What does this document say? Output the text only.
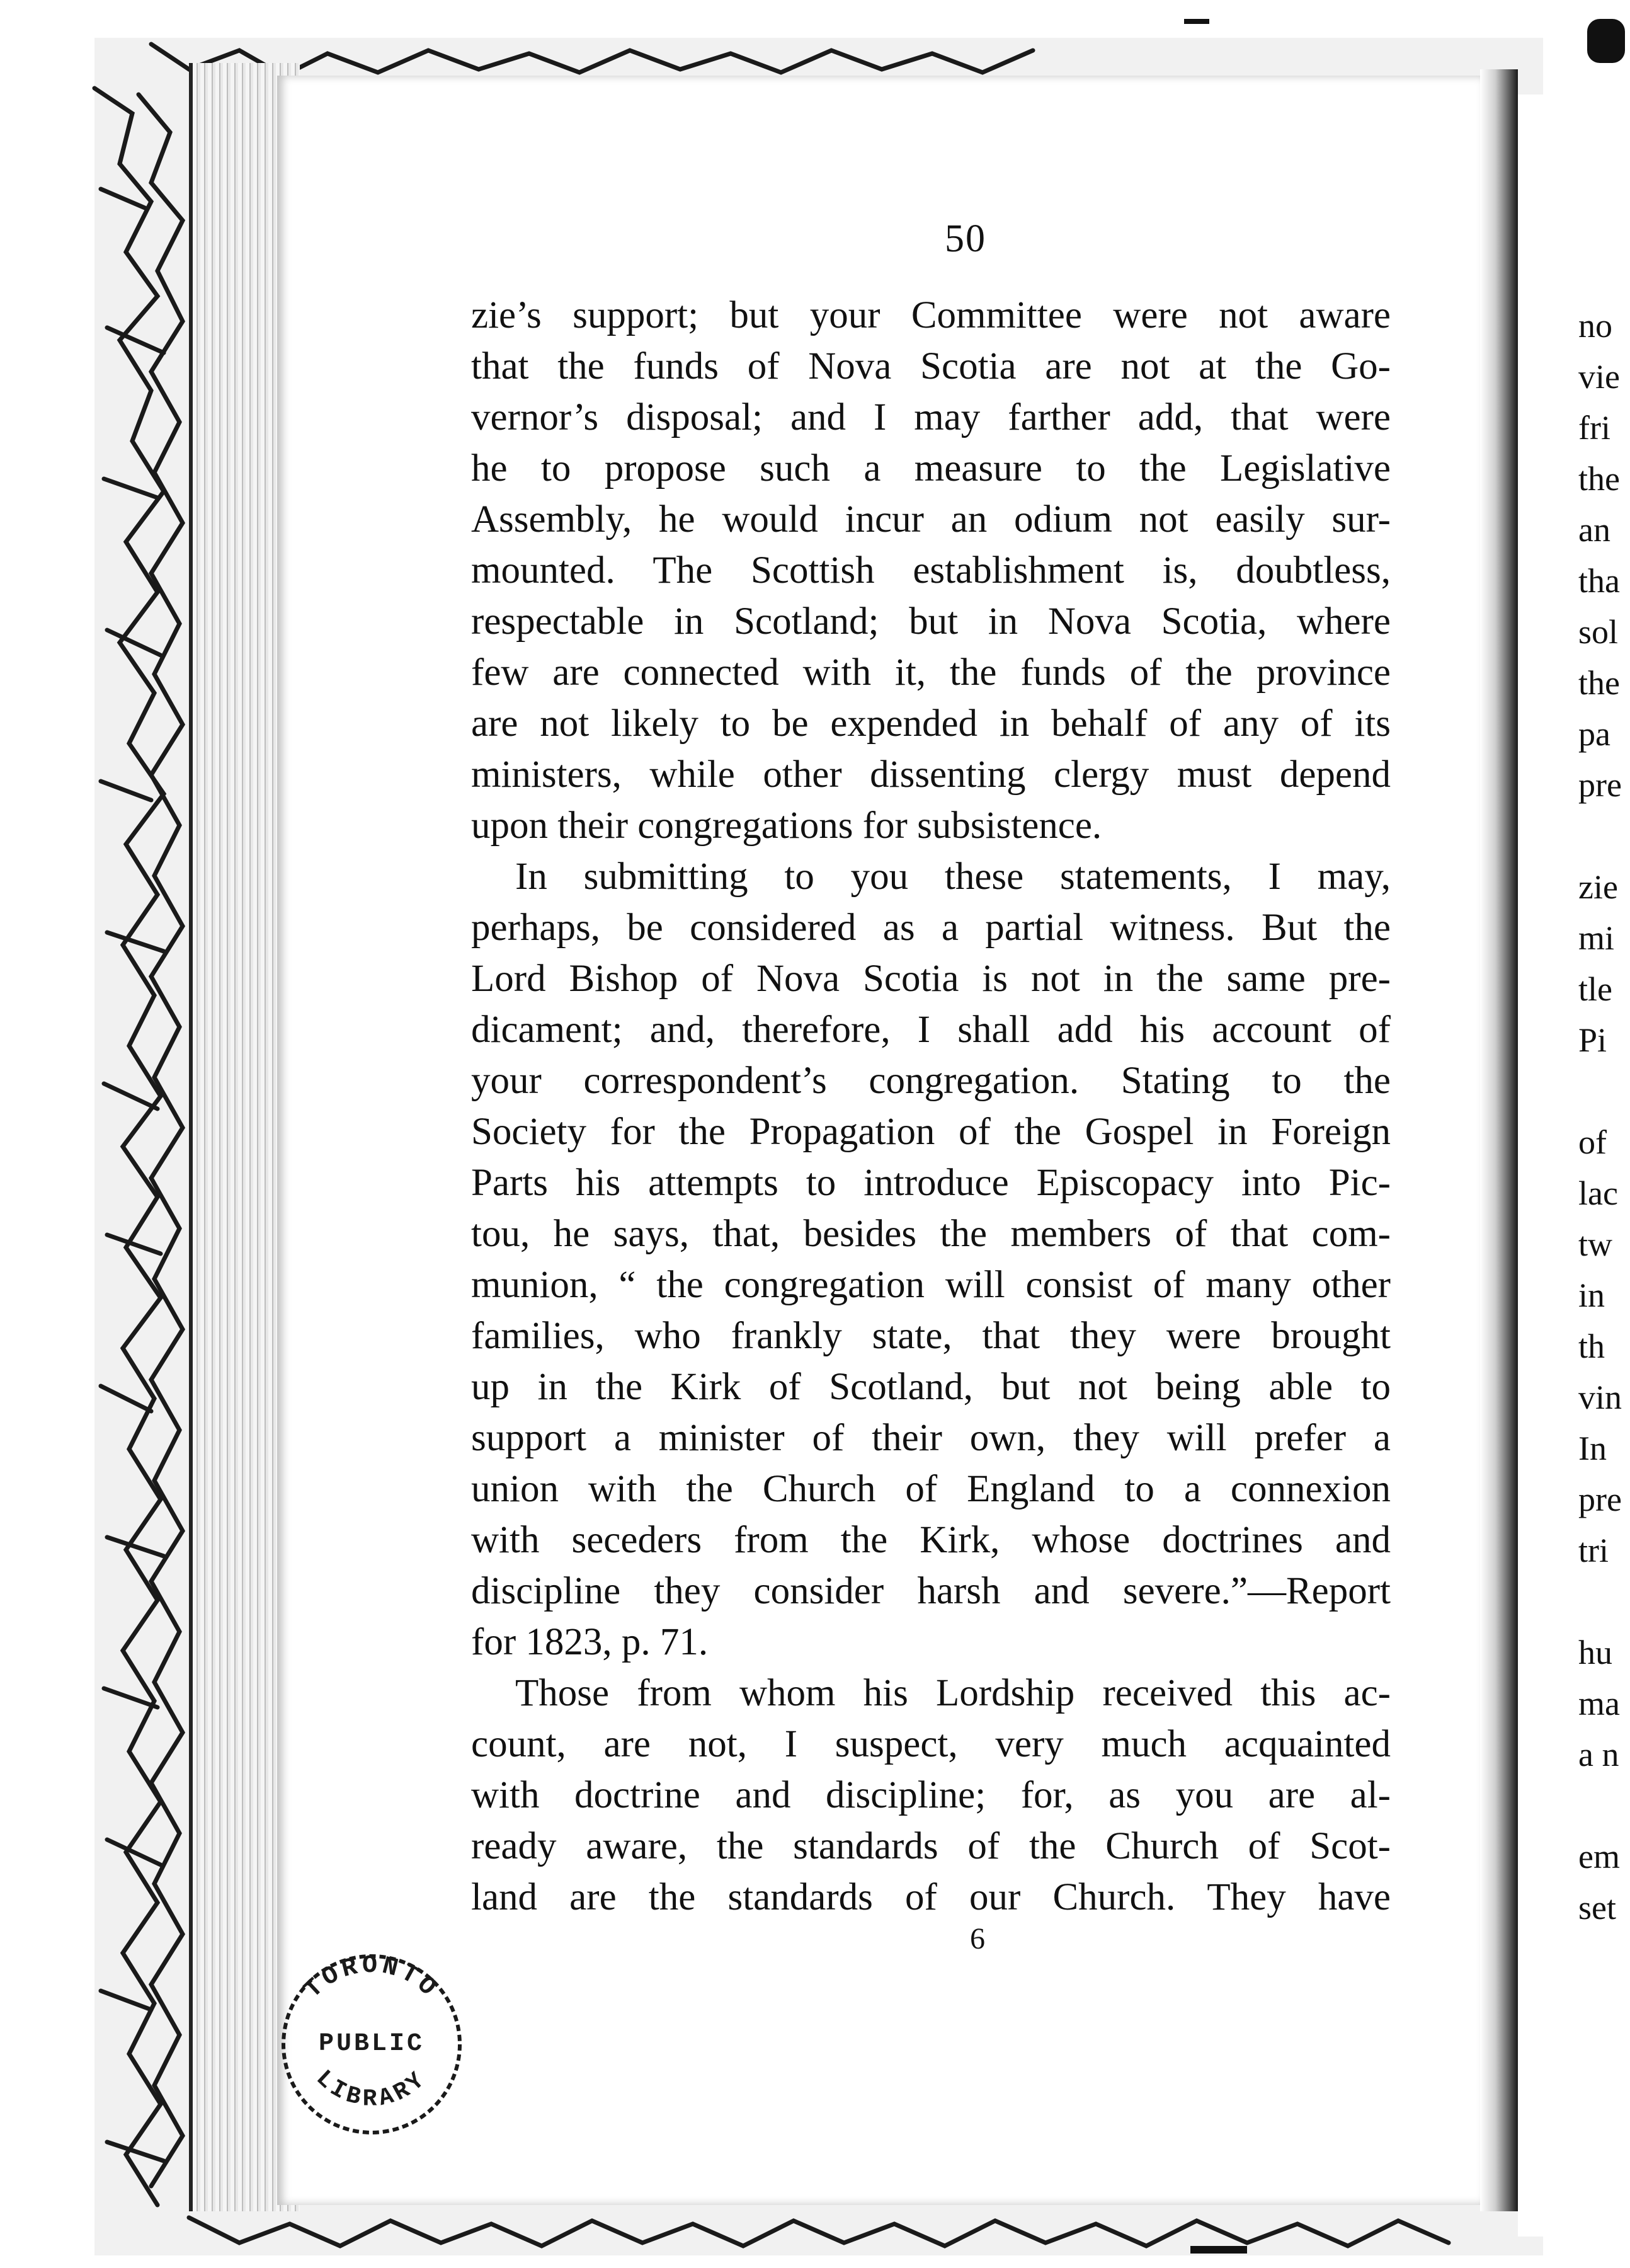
no
vie
fri
the
an
tha
sol
the
pa
pre
zie
mi
tle
Pi
of
lac
tw
in
th
vin
In
pre
tri
hu
ma
a n
em
set
50
zie’s support; but your Committee were not aware
that the funds of Nova Scotia are not at the Go-
vernor’s disposal; and I may farther add, that were
he to propose such a measure to the Legislative
Assembly, he would incur an odium not easily sur-
mounted. The Scottish establishment is, doubtless,
respectable in Scotland; but in Nova Scotia, where
few are connected with it, the funds of the province
are not likely to be expended in behalf of any of its
ministers, while other dissenting clergy must depend
upon their congregations for subsistence.
In submitting to you these statements, I may,
perhaps, be considered as a partial witness. But the
Lord Bishop of Nova Scotia is not in the same pre-
dicament; and, therefore, I shall add his account of
your correspondent’s congregation. Stating to the
Society for the Propagation of the Gospel in Foreign
Parts his attempts to introduce Episcopacy into Pic-
tou, he says, that, besides the members of that com-
munion, “ the congregation will consist of many other
families, who frankly state, that they were brought
up in the Kirk of Scotland, but not being able to
support a minister of their own, they will prefer a
union with the Church of England to a connexion
with seceders from the Kirk, whose doctrines and
discipline they consider harsh and severe.”—Report
for 1823, p. 71.
Those from whom his Lordship received this ac-
count, are not, I suspect, very much acquainted
with doctrine and discipline; for, as you are al-
ready aware, the standards of the Church of Scot-
land are the standards of our Church. They have
6
TORONTO
LIBRARY
PUBLIC
